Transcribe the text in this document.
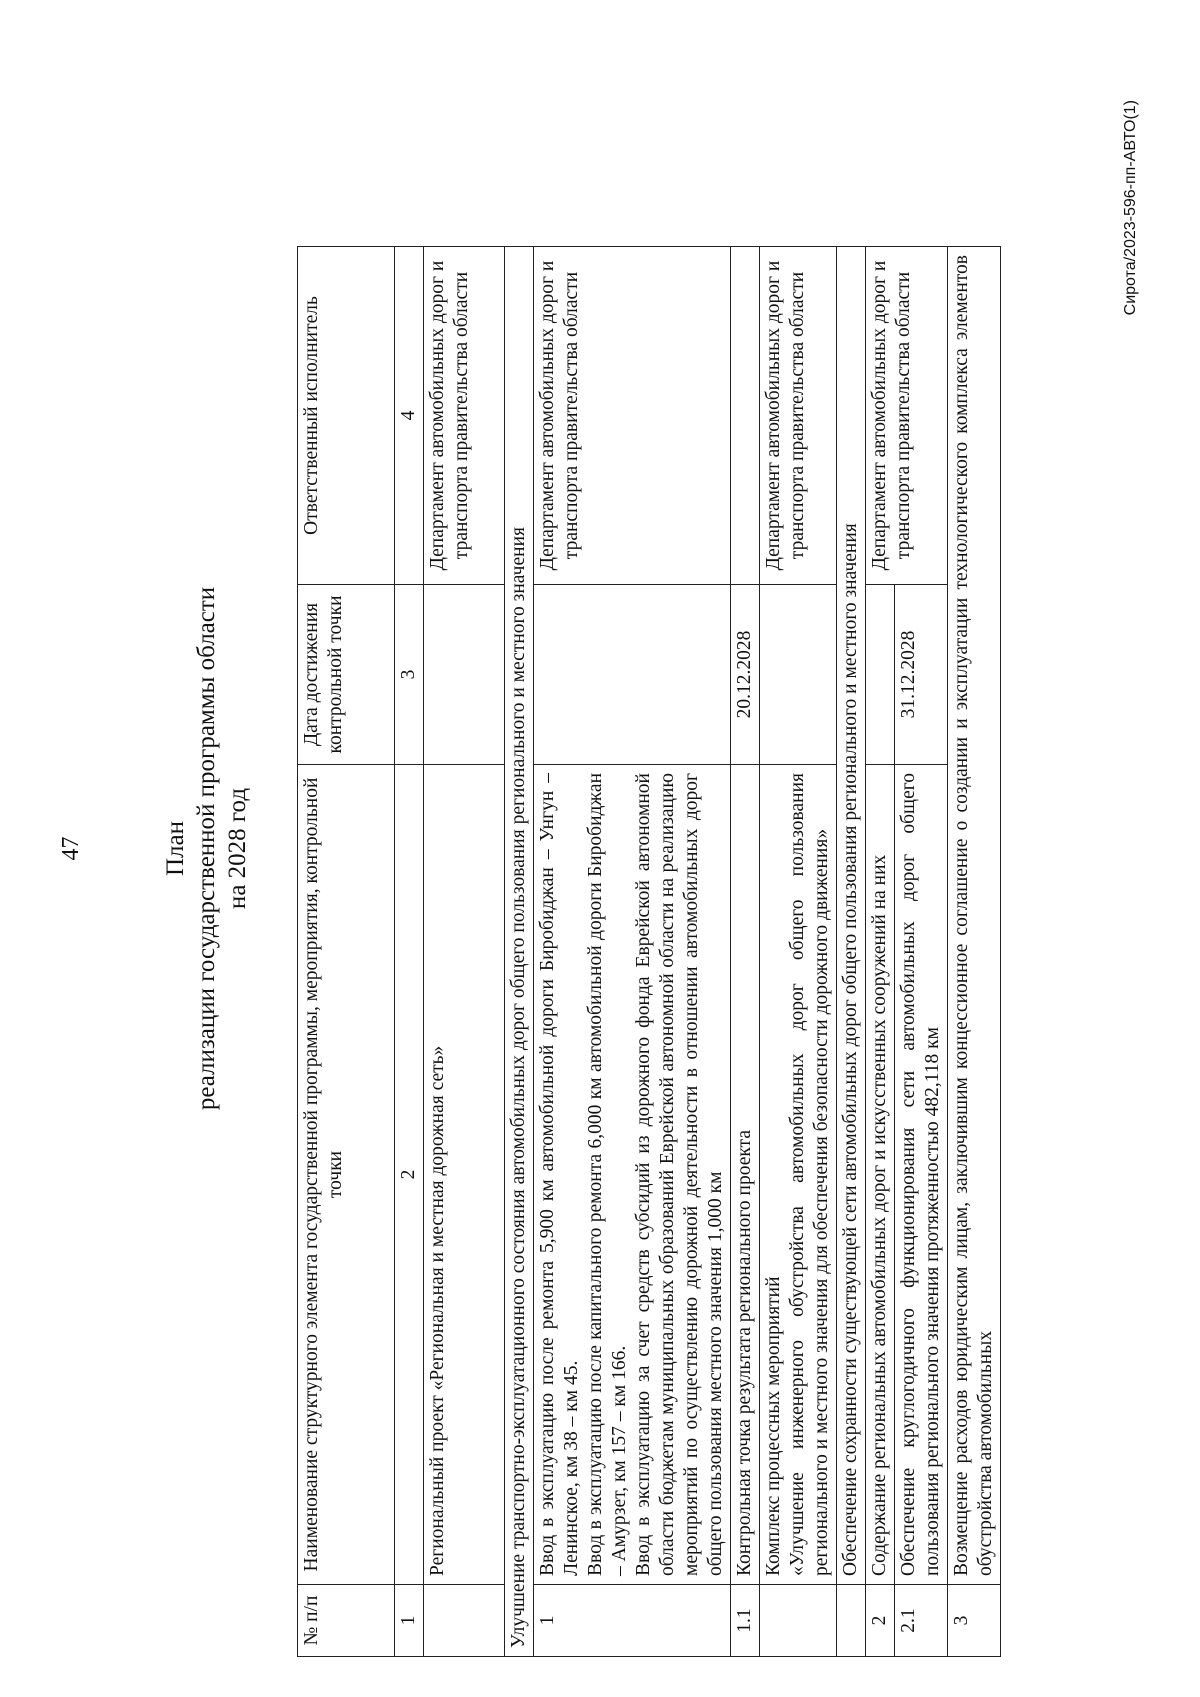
47	План реализации государственной программы области на 2028 год
№ п/п	Наименование структурного элемента государственной программы, мероприятия, контрольной точки	Дата достижения контрольной точки	Ответственный исполнитель
1	2	3	4
	Региональный проект «Региональная и местная дорожная сеть»		Департамент автомобильных дорог и транспорта правительства области
Улучшение транспортно-эксплуатационного состояния автомобильных дорог общего пользования регионального и местного значения			
1	Ввод в эксплуатацию после ремонта 5,900 км автомобильной дороги Биробиджан – Унгун – Ленинское, км 38 – км 45. Ввод в эксплуатацию после капитального ремонта 6,000 км автомобильной дороги Биробиджан – Амурзет, км 157 – км 166. Ввод в эксплуатацию за счет средств субсидий из дорожного фонда Еврейской автономной области бюджетам муниципальных образований Еврейской автономной области на реализацию мероприятий по осуществлению дорожной деятельности в отношении автомобильных дорог общего пользования местного значения 1,000 км		Департамент автомобильных дорог и транспорта правительства области
1.1	Контрольная точка результата регионального проекта	20.12.2028	

	Комплекс процессных мероприятий «Улучшение инженерного обустройства автомобильных дорог общего пользования регионального и местного значения для обеспечения безопасности дорожного движения»		Департамент автомобильных дорог и транспорта правительства области
	Обеспечение сохранности существующей сети автомобильных дорог общего пользования регионального и местного значения		
2	Содержание региональных автомобильных дорог и искусственных сооружений на них		Департамент автомобильных дорог и транспорта правительства области
2.1	Обеспечение круглогодичного функционирования сети автомобильных дорог общего пользования регионального значения протяженностью 482,118 км	31.12.2028	
3	Возмещение расходов юридическим лицам, заключившим концессионное соглашение о создании и эксплуатации технологического комплекса элементов обустройства автомобильных		
Сирота/2023-596-пп-АВТО(1)
